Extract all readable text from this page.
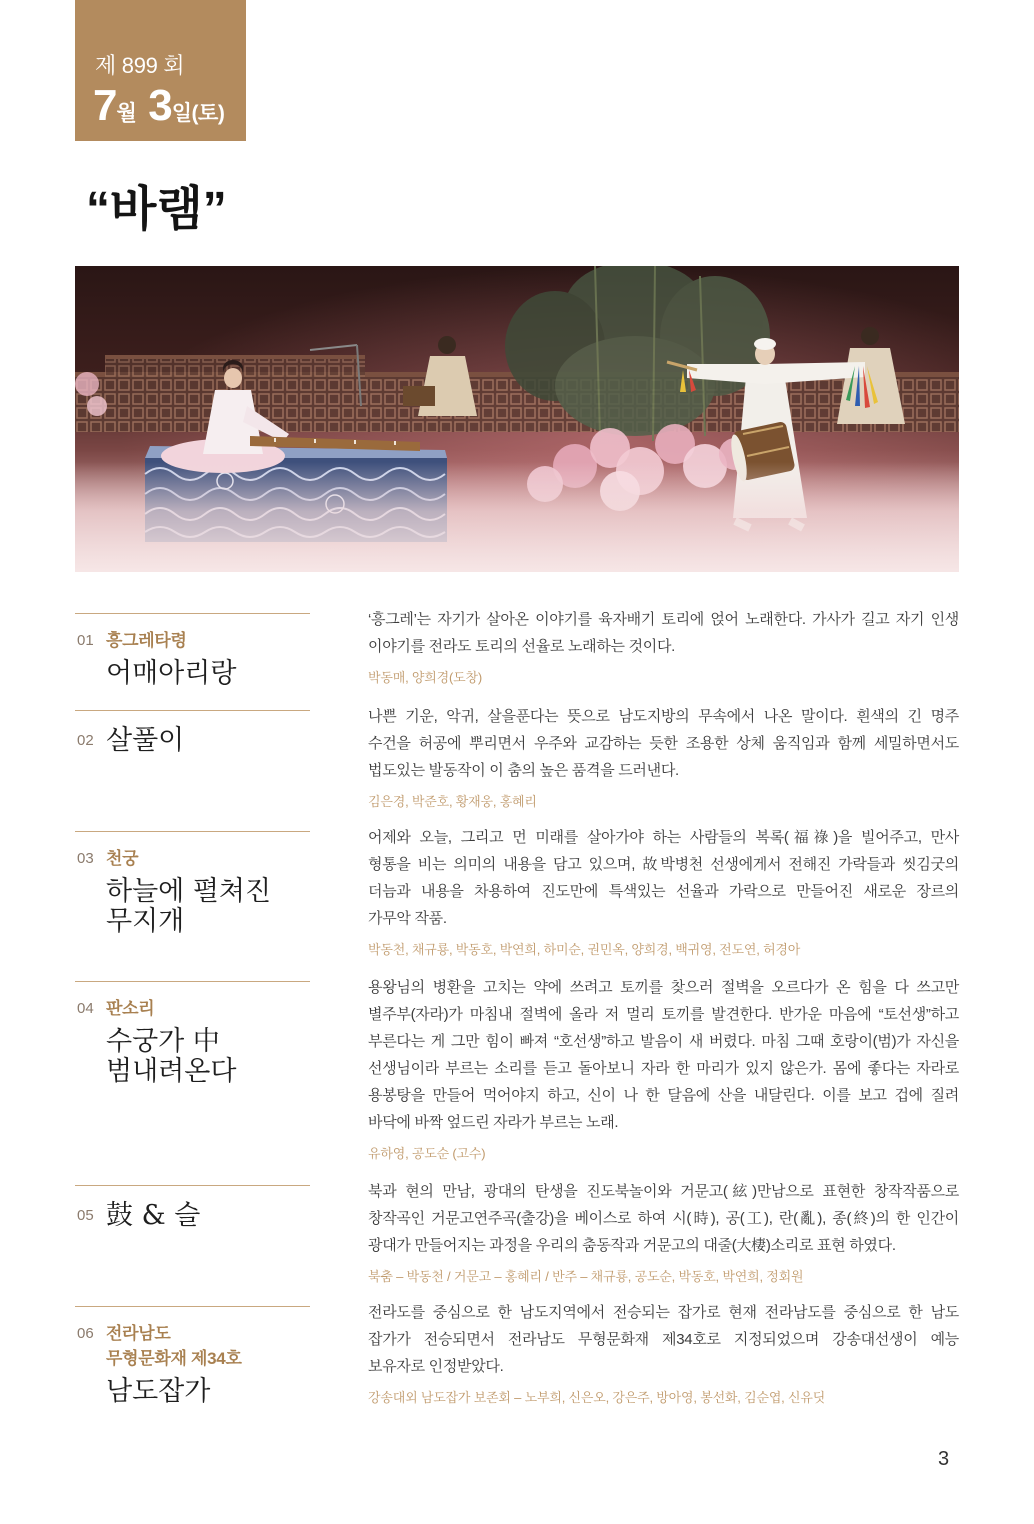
제 899 회
7월 3일(토)
“바램”
01 흥그레타령
어매아리랑
‘흥그레’는 자기가 살아온 이야기를 육자배기 토리에 얹어 노래한다. 가사가 길고 자기 인생
이야기를 전라도 토리의 선율로 노래하는 것이다.
박동매, 양희경(도창)
02 살풀이
나쁜 기운, 악귀, 살을푼다는 뜻으로 남도지방의 무속에서 나온 말이다. 흰색의 긴 명주
수건을 허공에 뿌리면서 우주와 교감하는 듯한 조용한 상체 움직임과 함께 세밀하면서도
법도있는 발동작이 이 춤의 높은 품격을 드러낸다.
김은경, 박준호, 황재웅, 홍혜리
03 천궁
하늘에 펼쳐진
무지개
어제와 오늘, 그리고 먼 미래를 살아가야 하는 사람들의 복록(福祿)을 빌어주고, 만사
형통을 비는 의미의 내용을 담고 있으며, 故박병천 선생에게서 전해진 가락들과 씻김굿의
더늠과 내용을 차용하여 진도만에 특색있는 선율과 가락으로 만들어진 새로운 장르의
가무악 작품.
박동천, 채규룡, 박동호, 박연희, 하미순, 권민옥, 양희경, 백귀영, 전도연, 허경아
04 판소리
수궁가 中
범내려온다
용왕님의 병환을 고치는 약에 쓰려고 토끼를 찾으러 절벽을 오르다가 온 힘을 다 쓰고만
별주부(자라)가 마침내 절벽에 올라 저 멀리 토끼를 발견한다. 반가운 마음에 “토선생”하고
부른다는 게 그만 힘이 빠져 “호선생”하고 발음이 새 버렸다. 마침 그때 호랑이(범)가 자신을
선생님이라 부르는 소리를 듣고 돌아보니 자라 한 마리가 있지 않은가. 몸에 좋다는 자라로
용봉탕을 만들어 먹어야지 하고, 신이 나 한 달음에 산을 내달린다. 이를 보고 겁에 질려
바닥에 바짝 엎드린 자라가 부르는 노래.
유하영, 공도순 (고수)
05 鼓 & 슬
북과 현의 만남, 광대의 탄생을 진도북놀이와 거문고(絃)만남으로 표현한 창작작품으로
창작곡인 거문고연주곡(출강)을 베이스로 하여 시(時), 공(工), 란(亂), 종(終)의 한 인간이
광대가 만들어지는 과정을 우리의 춤동작과 거문고의 대줄(大棲)소리로 표현 하였다.
북춤 – 박동천 / 거문고 – 홍혜리 / 반주 – 채규룡, 공도순, 박동호, 박연희, 정회원
06 전라남도
무형문화재 제34호
남도잡가
전라도를 중심으로 한 남도지역에서 전승되는 잡가로 현재 전라남도를 중심으로 한 남도
잡가가 전승되면서 전라남도 무형문화재 제34호로 지정되었으며 강송대선생이 예능
보유자로 인정받았다.
강송대외 남도잡가 보존회 – 노부희, 신은오, 강은주, 방아영, 봉선화, 김순엽, 신유딧
3
